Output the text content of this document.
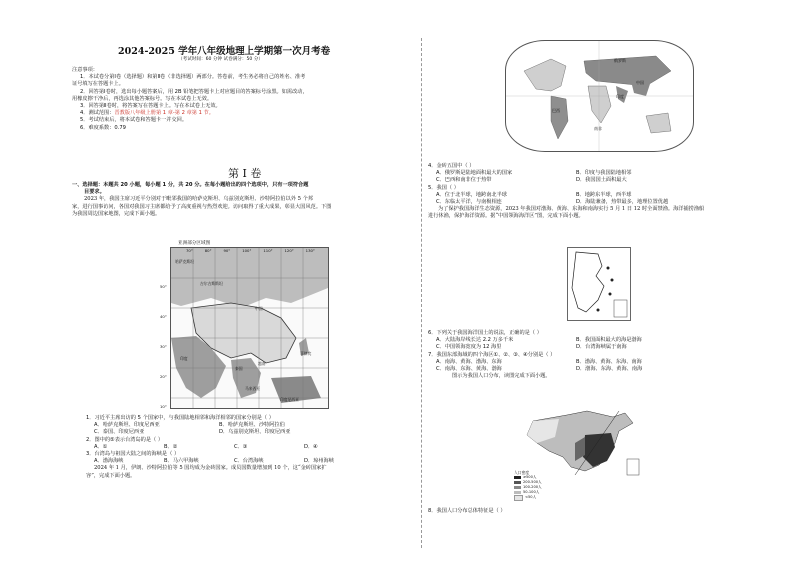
2024-2025 学年八年级地理上学期第一次月考卷
（考试时间：60 分钟 试卷满分：50 分）
注意事项：
1．本试卷分第Ⅰ卷（选择题）和第Ⅱ卷（非选择题）两部分。答卷前，考生务必将自己的姓名、准考
证号填写在答题卡上。
2．回答第Ⅰ卷时，选出每小题答案后，用 2B 铅笔把答题卡上对应题目的答案标号涂黑。如需改动，
用橡皮擦干净后，再选涂其他答案标号。写在本试卷上无效。
3．回答第Ⅱ卷时，将答案写在答题卡上。写在本试卷上无效。
4．测试范围：晋教版八年级上册第 1 章-第 2 章第 1 节。
5．考试结束后，将本试卷和答题卡一并交回。
6．难度系数：0.79
第 Ⅰ 卷
一、选择题：本题共 20 小题，每小题 1 分，共 20 分。在每小题给出的四个选项中，只有一项符合题
目要求。
2023 年，我国主席习近平分别对于毗邻我国的哈萨克斯坦、乌兹别克斯坦、沙特阿拉伯以外 5 个邦
家，进行国事访问，各国对我国习主席都给予了高度重视与热烈欢迎。访问取得了重大成果，彰显大国风范。下图
为我国周边国家地图，完成下面小题。
亚洲部分区域图
70°	80°	90°	100°	110°	120°	130°
50°
40°
30°
20°
10°
哈萨克斯坦
吉尔吉斯斯坦
中国
印度
泰国
越南
菲律宾
马来西亚
印度尼西亚
1．习近平主席出访的 5 个国家中，与我国陆地相邻和海洋相邻的国家分别是（ ）
A．哈萨克斯坦、印度尼西亚	B．哈萨克斯坦、沙特阿拉伯
C．泰国、印度尼西亚	D．乌兹别克斯坦、印度尼西亚
2．图中的⑤表示台湾岛的是（ ）
A．①	B．②	C．③	D．④
3．台湾岛与祖国大陆之间的海峡是（ ）
A．渤海海峡	B．马六甲海峡	C．台湾海峡	D．琼州海峡
2024 年 1 月，伊朗、沙特阿拉伯等 5 国均成为金砖国家。成员国数量增加到 10 个，这“金砖国家扩
容”，完成下面小题。
俄罗斯
中国
巴西
印度
南非
4．金砖五国中（ ）
A．俄罗斯是陆地面积最大的国家	B．印度与我国陆地相邻
C．巴西和南非位于热带	D．我国国土面积最大
5．我国（ ）
A．位于北半球，地跨南北半球	B．地跨东半球，西半球
C．东临太平洋，与南极相连	D．海陆兼备，热带最多，地理位置优越
为了保护我国海洋生态资源，2023 年我国对渤海、黄海、东海和南海实行 5 月 1 日 12 时全面禁渔。海洋捕捞渔船
进行休渔，保护海洋资源。据“中国领海海洋区”图，完成下面小题。
6．下列关于我国海洋国土的说法，正确的是（ ）
A．大陆海岸线长达 2.2 万多千米	B．我国面积最大的海是渤海
C．中国领海宽度为 12 海里	D．台湾海峡属于南海
7．我国东部海域的四个海区①、②、③、④分别是（ ）
A．南海、黄海、渤海、东海	B．渤海、黄海、东海、南海
C．南海、东海、黄海、渤海	D．渤海、东海、黄海、南海
图示为我国人口分布，读图完成下面小题。
人口密度
≥500人
200-500人
100-200人
50-100人
<50人
8．我国人口分布总体特征是（ ）
